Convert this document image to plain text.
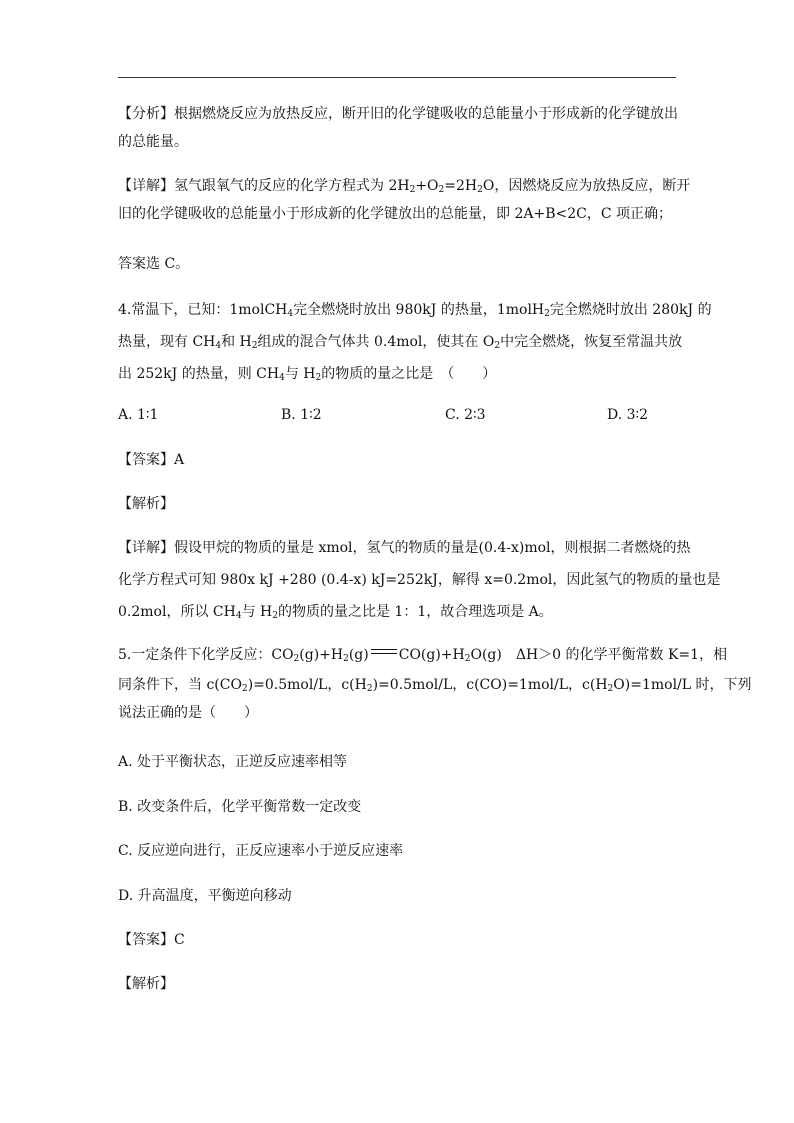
【分析】根据燃烧反应为放热反应，断开旧的化学键吸收的总能量小于形成新的化学键放出
的总能量。
【详解】氢气跟氧气的反应的化学方程式为 $2H_2+O_2=2H_2O$，因燃烧反应为放热反应，断开
旧的化学键吸收的总能量小于形成新的化学键放出的总能量，即 2A+B<2C，C 项正确；
答案选 C。
4.常温下，已知：1molCH$_4$完全燃烧时放出 980kJ 的热量，1molH$_2$完全燃烧时放出 280kJ 的
热量，现有 $CH_4$和 $H_2$组成的混合气体共 0.4mol，使其在 $O_2$中完全燃烧，恢复至常温共放
出 252kJ 的热量，则 $CH_4$与 $H_2$的物质的量之比是　（　　）
A. 1∶1	B. 1∶2	C. 2∶3	D. 3∶2
【答案】A
【解析】
【详解】假设甲烷的物质的量是 xmol，氢气的物质的量是(0.4-x)mol，则根据二者燃烧的热
化学方程式可知 980x kJ +280 (0.4-x) kJ=252kJ，解得 x=0.2mol，因此氢气的物质的量也是
0.2mol，所以 $CH_4$与 $H_2$的物质的量之比是 1：1，故合理选项是 A。
5.一定条件下化学反应：$CO_2(g)+H_2(g)$ $CO(g)+H_2O(g)$　ΔH＞0 的化学平衡常数 K=1，相
同条件下，当 $c(CO_2)=0.5mol/L$，$c(H_2)=0.5mol/L$，c(CO)=1mol/L，$c(H_2O)=1mol/L$ 时，下列
说法正确的是（　　）
A. 处于平衡状态，正逆反应速率相等
B. 改变条件后，化学平衡常数一定改变
C. 反应逆向进行，正反应速率小于逆反应速率
D. 升高温度，平衡逆向移动
【答案】C
【解析】
